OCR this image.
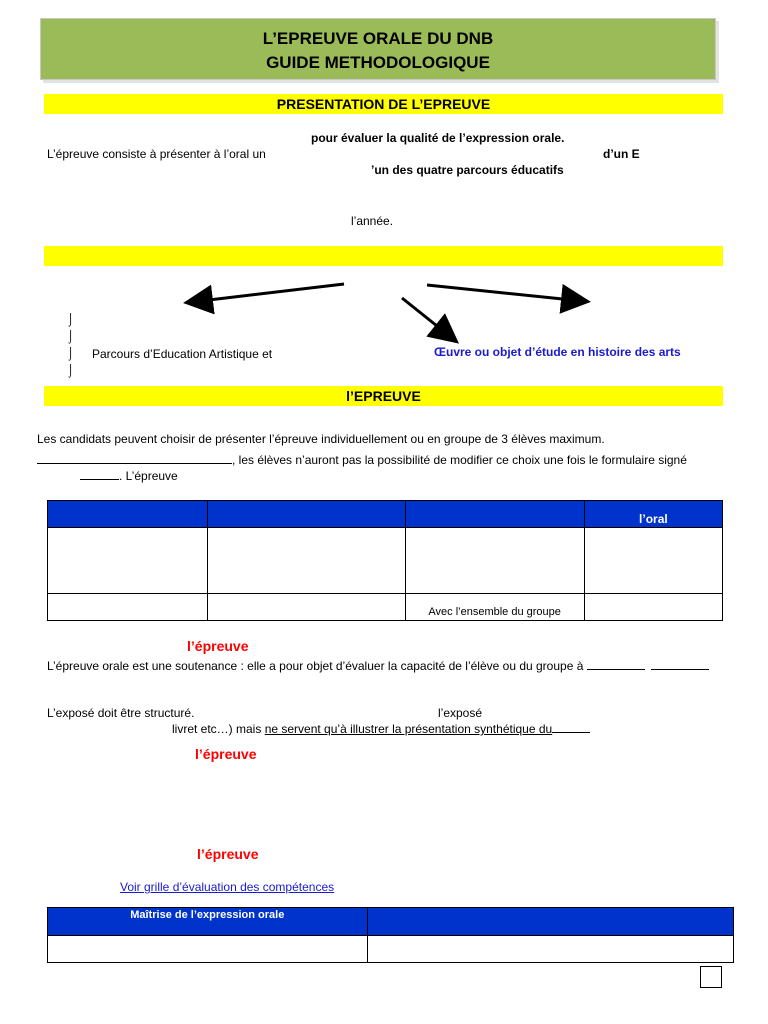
L’EPREUVE ORALE DU DNB
GUIDE METHODOLOGIQUE
PRESENTATION DE L’EPREUVE
pour évaluer la qualité de l’expression orale.
L’épreuve consiste à présenter à l’oral un	d’un E
’un des quatre parcours éducatifs
l’année.
⌡
⌡
⌡ Parcours d’Education Artistique et
⌡
Œuvre ou objet d’étude en histoire des arts
l’EPREUVE
Les candidats peuvent choisir de présenter l’épreuve individuellement ou en groupe de 3 élèves maximum.
, les élèves n’auront pas la possibilité de modifier ce choix une fois le formulaire signé
. L’épreuve
			l’oral

		Avec l’ensemble du groupe	
l’épreuve
L’épreuve orale est une soutenance : elle a pour objet d’évaluer la capacité de l’élève ou du groupe à
L’exposé doit être structuré.	l’exposé
livret etc…) mais ne servent qu’à illustrer la présentation synthétique du
l’épreuve
l’épreuve
Voir grille d’évaluation des compétences
Maîtrise de l’expression orale	
